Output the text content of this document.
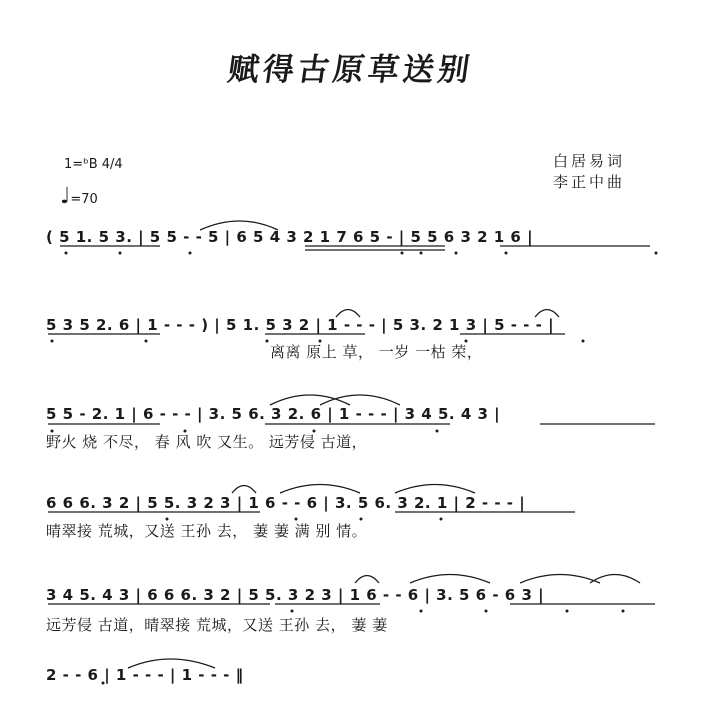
赋得古原草送别
白居易词
李正中曲
1=ᵇB 4/4
♩=70
( 5 1. 5 3. | 5 5 - - 5 | 6 5 4 3 2 1 7 6 5 - | 5 5 6 3 2 1 6 |
5 3 5 2. 6 | 1 - - - ) | 5 1. 5 3 2 | 1 - - - | 5 3. 2 1 3 | 5 - - - |
离离 原上 草， 一岁 一枯 荣，
5 5 - 2. 1 | 6 - - - | 3. 5 6. 3 2. 6 | 1 - - - | 3 4 5. 4 3 |
野火 烧 不尽， 春 风 吹 又生。 远芳侵 古道，
6 6 6. 3 2 | 5 5. 3 2 3 | 1 6 - - 6 | 3. 5 6. 3 2. 1 | 2 - - - |
晴翠接 荒城，又送 王孙 去， 萋 萋 满 别 情。
3 4 5. 4 3 | 6 6 6. 3 2 | 5 5. 3 2 3 | 1 6 - - 6 | 3. 5 6 - 6 3 |
远芳侵 古道，晴翠接 荒城，又送 王孙 去， 萋 萋
2 - - 6 | 1 - - - | 1 - - - ‖
